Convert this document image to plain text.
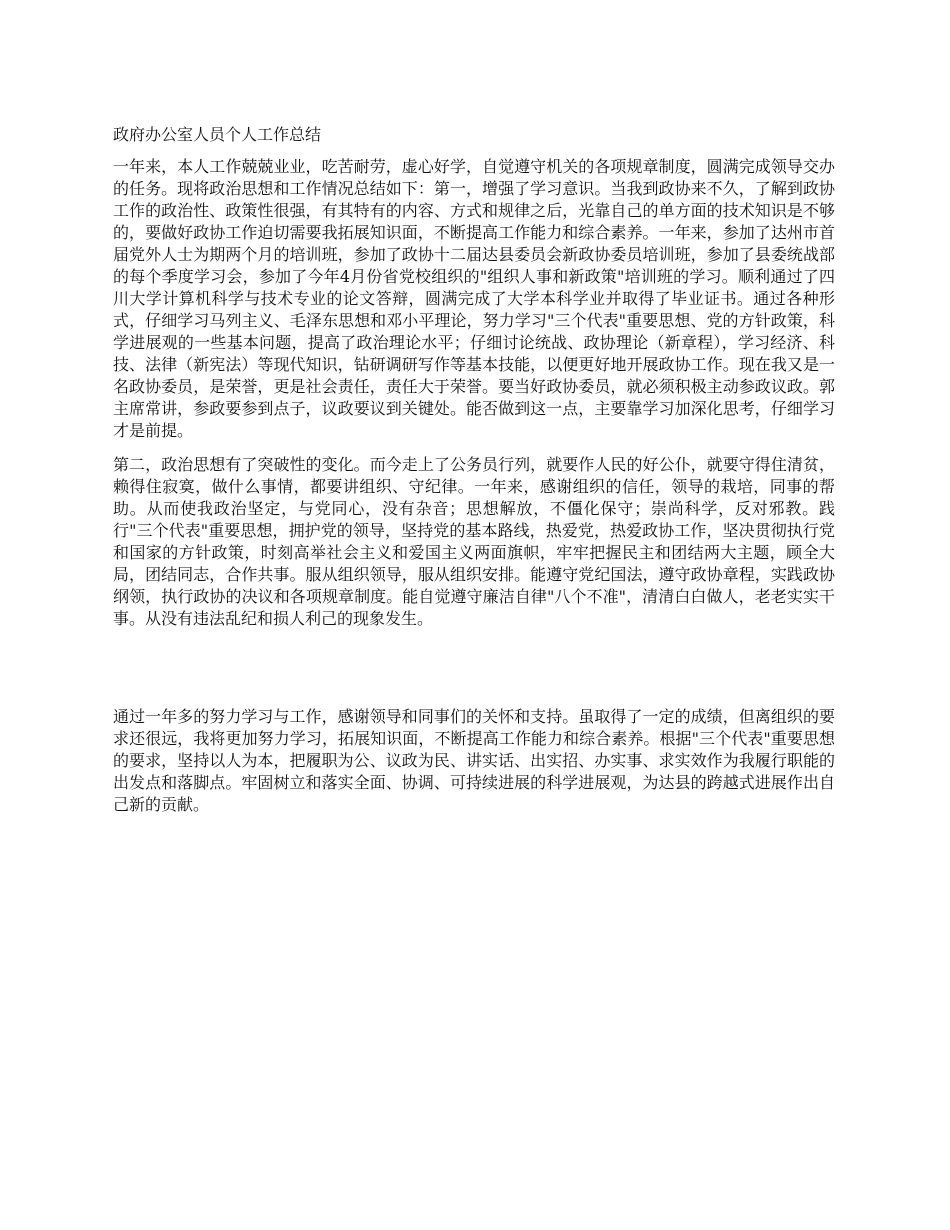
政府办公室人员个人工作总结

一年来，本人工作兢兢业业，吃苦耐劳，虚心好学，自觉遵守机关的各项规章制度，圆满完成领导交办的任务。现将政治思想和工作情况总结如下：第一，增强了学习意识。当我到政协来不久，了解到政协工作的政治性、政策性很强，有其特有的内容、方式和规律之后，光靠自己的单方面的技术知识是不够的，要做好政协工作迫切需要我拓展知识面，不断提高工作能力和综合素养。一年来，参加了达州市首届党外人士为期两个月的培训班，参加了政协十二届达县委员会新政协委员培训班，参加了县委统战部的每个季度学习会，参加了今年4月份省党校组织的"组织人事和新政策"培训班的学习。顺利通过了四川大学计算机科学与技术专业的论文答辩，圆满完成了大学本科学业并取得了毕业证书。通过各种形式，仔细学习马列主义、毛泽东思想和邓小平理论，努力学习"三个代表"重要思想、党的方针政策，科学进展观的一些基本问题，提高了政治理论水平；仔细讨论统战、政协理论（新章程），学习经济、科技、法律（新宪法）等现代知识，钻研调研写作等基本技能，以便更好地开展政协工作。现在我又是一名政协委员，是荣誉，更是社会责任，责任大于荣誉。要当好政协委员，就必须积极主动参政议政。郭主席常讲，参政要参到点子，议政要议到关键处。能否做到这一点，主要靠学习加深化思考，仔细学习才是前提。

第二，政治思想有了突破性的变化。而今走上了公务员行列，就要作人民的好公仆，就要守得住清贫，赖得住寂寞，做什么事情，都要讲组织、守纪律。一年来，感谢组织的信任，领导的栽培，同事的帮助。从而使我政治坚定，与党同心，没有杂音；思想解放，不僵化保守；崇尚科学，反对邪教。践行"三个代表"重要思想，拥护党的领导，坚持党的基本路线，热爱党，热爱政协工作，坚决贯彻执行党和国家的方针政策，时刻高举社会主义和爱国主义两面旗帜，牢牢把握民主和团结两大主题，顾全大局，团结同志，合作共事。服从组织领导，服从组织安排。能遵守党纪国法，遵守政协章程，实践政协纲领，执行政协的决议和各项规章制度。能自觉遵守廉洁自律"八个不准"，清清白白做人，老老实实干事。从没有违法乱纪和损人利己的现象发生。

通过一年多的努力学习与工作，感谢领导和同事们的关怀和支持。虽取得了一定的成绩，但离组织的要求还很远，我将更加努力学习，拓展知识面，不断提高工作能力和综合素养。根据"三个代表"重要思想的要求，坚持以人为本，把履职为公、议政为民、讲实话、出实招、办实事、求实效作为我履行职能的出发点和落脚点。牢固树立和落实全面、协调、可持续进展的科学进展观，为达县的跨越式进展作出自己新的贡献。
